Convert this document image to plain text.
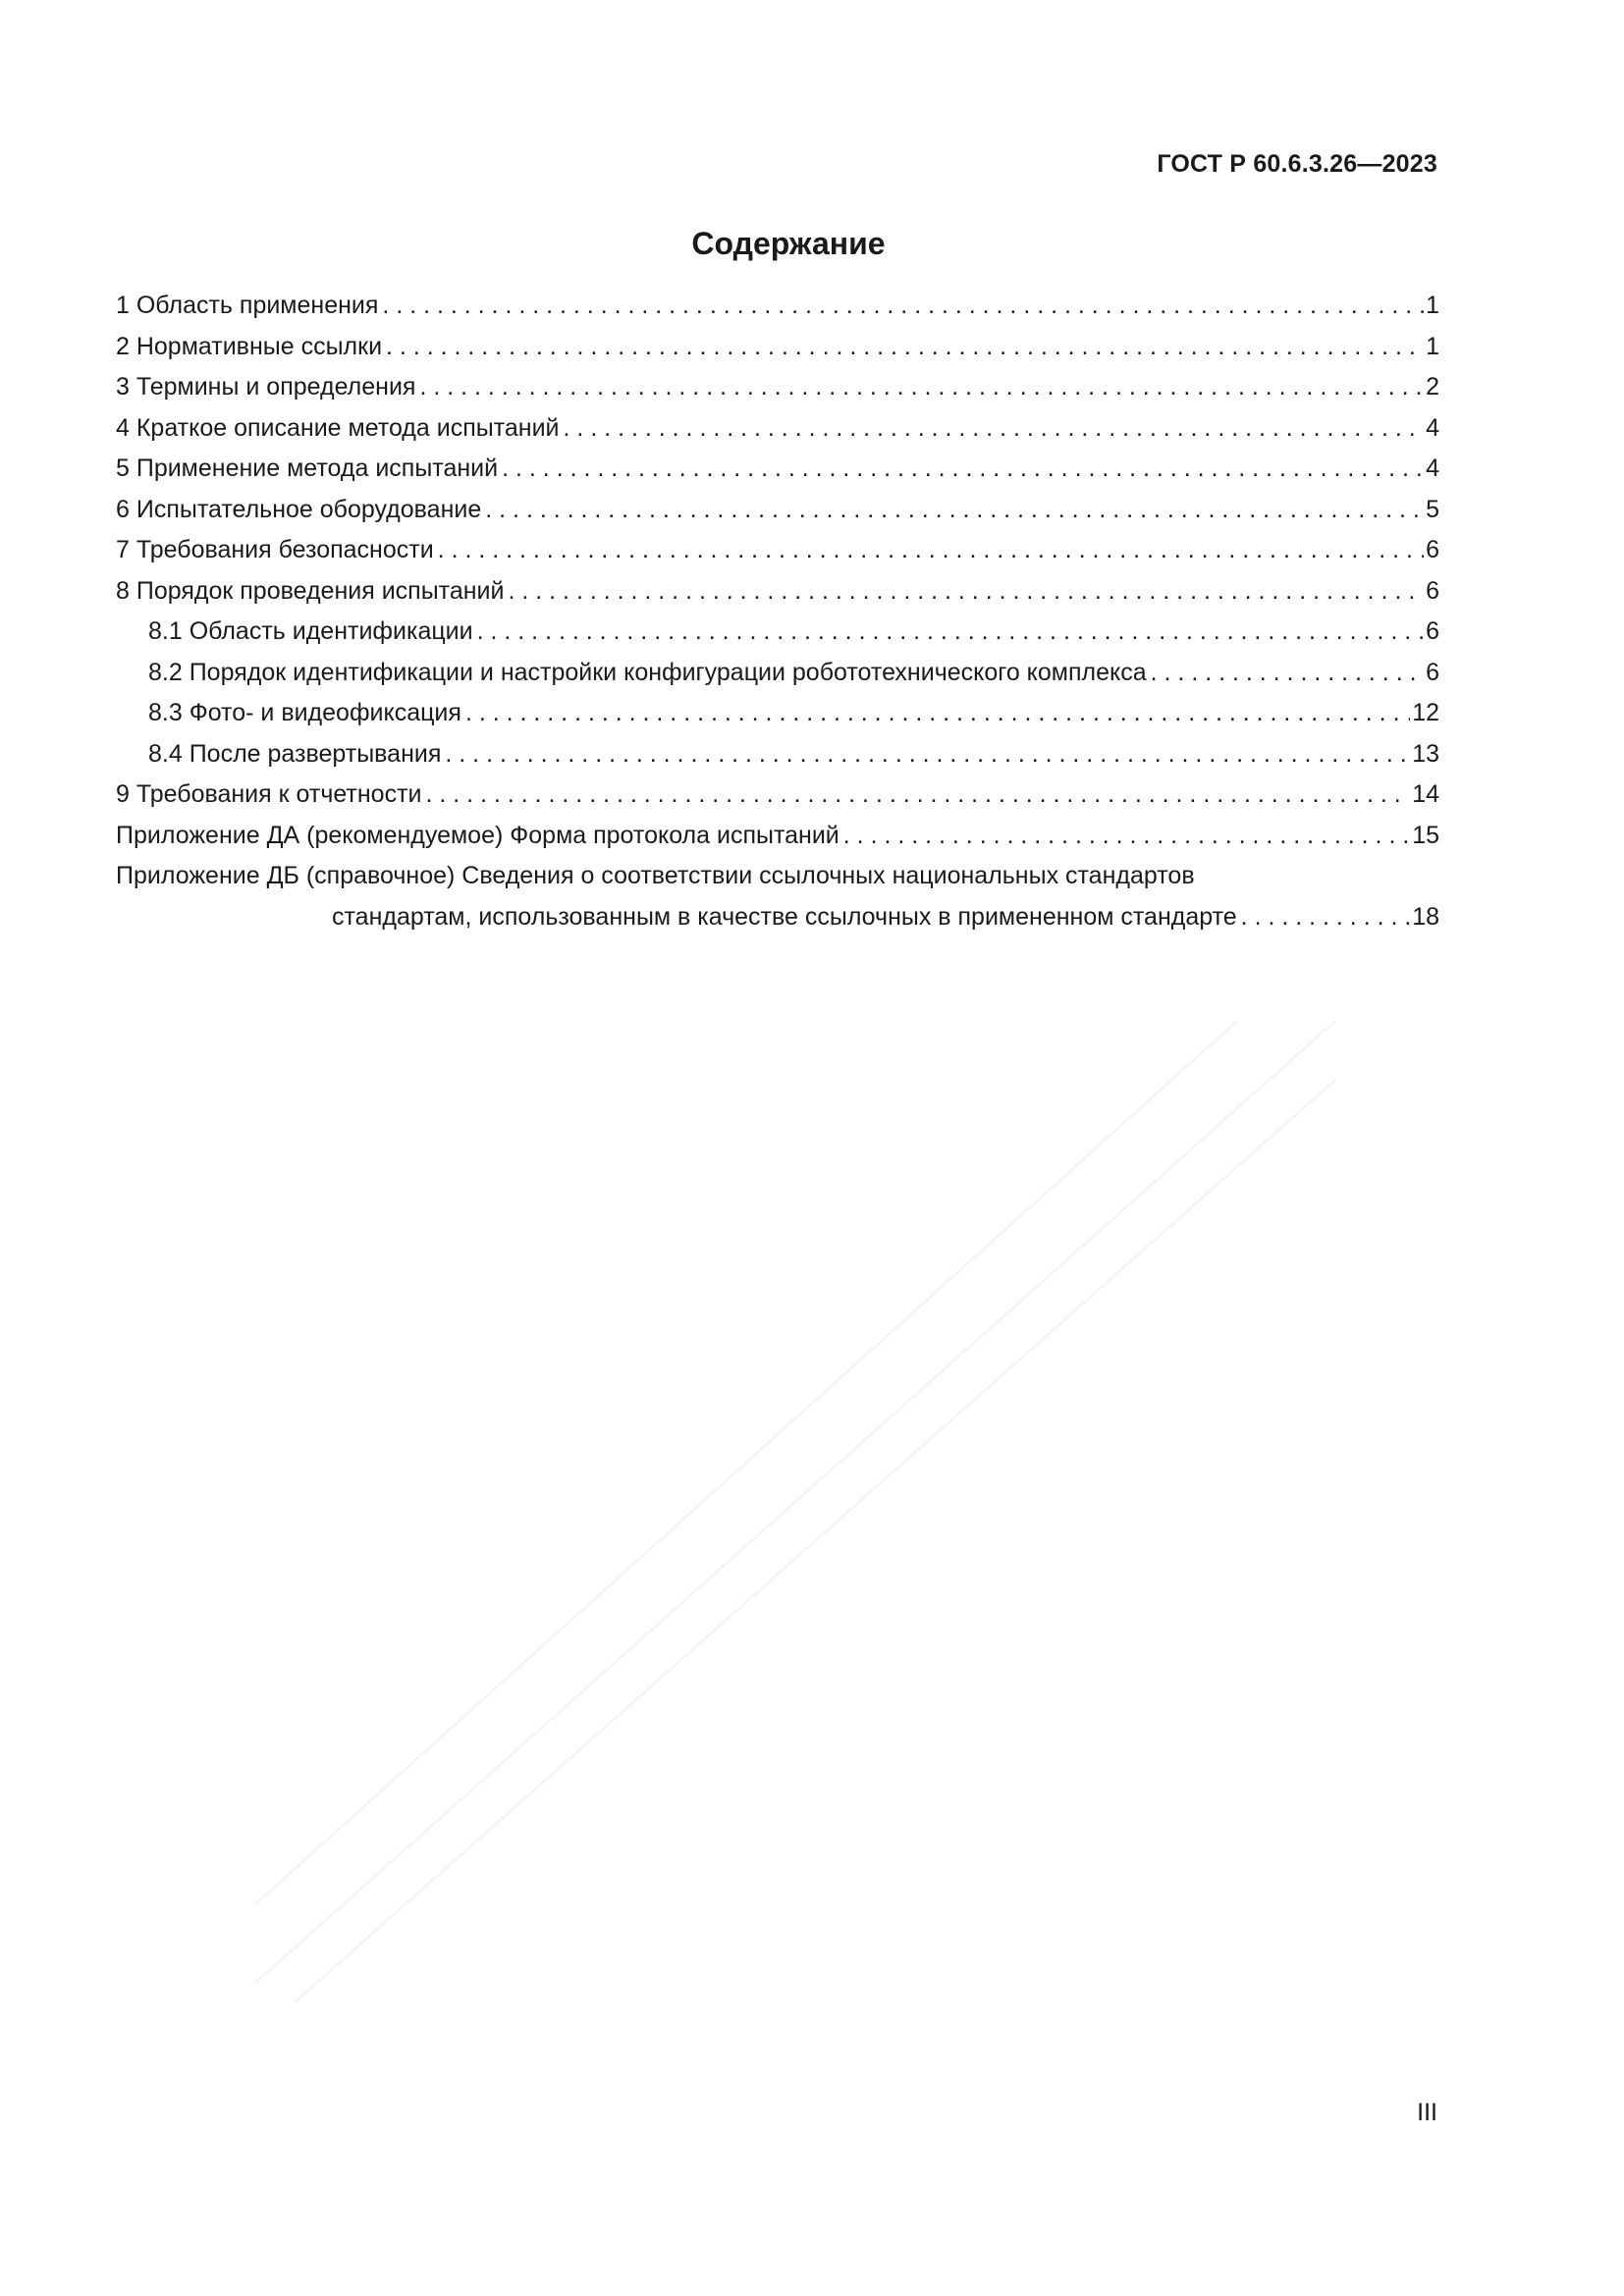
ГОСТ Р 60.6.3.26—2023
Содержание
1 Область применения . . .	1
2 Нормативные ссылки . . .	1
3 Термины и определения . . .	2
4 Краткое описание метода испытаний . . .	4
5 Применение метода испытаний . . .	4
6 Испытательное оборудование . . .	5
7 Требования безопасности . . .	6
8 Порядок проведения испытаний . . .	6
8.1 Область идентификации . . .	6
8.2 Порядок идентификации и настройки конфигурации робототехнического комплекса . . .	6
8.3 Фото- и видеофиксация . . .	12
8.4 После развертывания . . .	13
9 Требования к отчетности . . .	14
Приложение ДА (рекомендуемое) Форма протокола испытаний . . .	15
Приложение ДБ (справочное) Сведения о соответствии ссылочных национальных стандартов
стандартам, использованным в качестве ссылочных в примененном стандарте . . .	18
III
